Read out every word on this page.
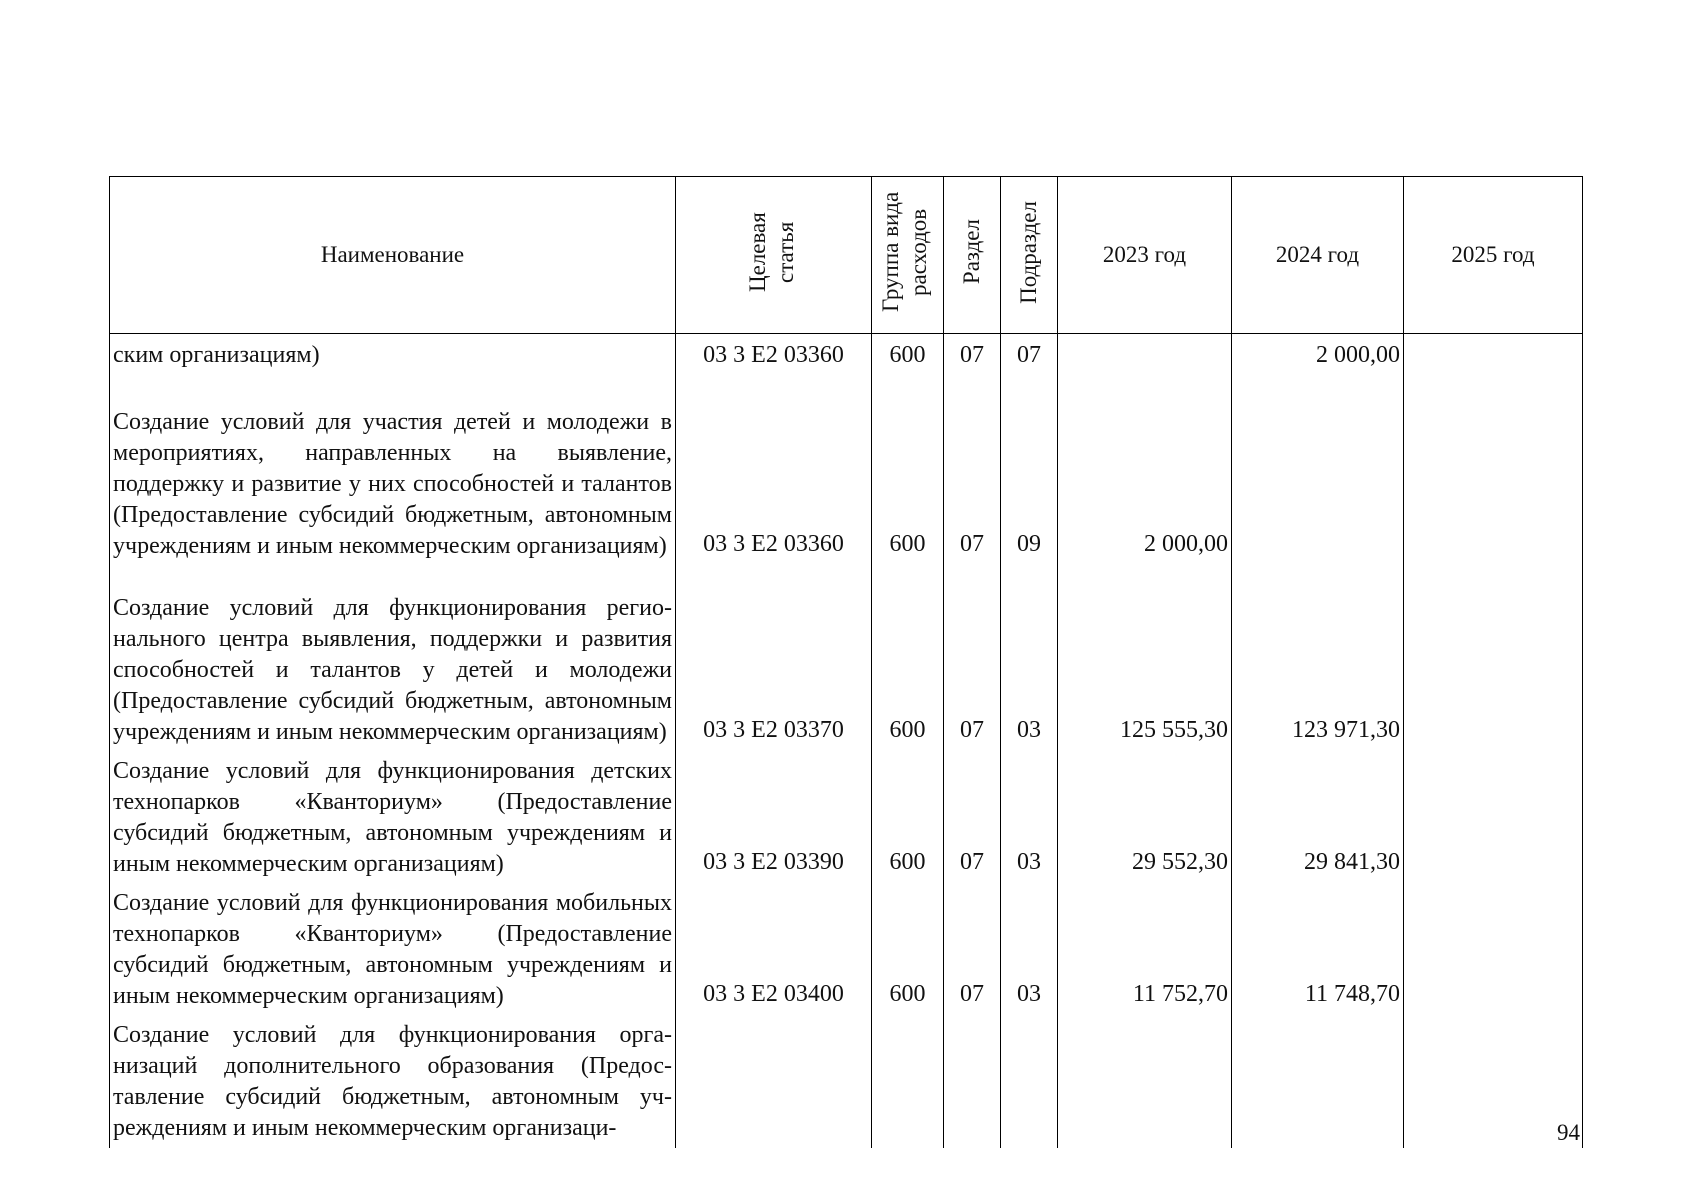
Наименование	Целевая статья	Группа вида расходов	Раздел	Подраздел	2023 год	2024 год	2025 год

ским организациям)	03 3 Е2 03360	600	07	07		2 000,00	

Создание условий для участия детей и молодежи в мероприятиях, направленных на выявление, поддержку и развитие у них способностей и талантов (Предоставление субсидий бюджетным, автономным учреждениям и иным некоммерческим организациям)	03 3 Е2 03360	600	07	09	2 000,00		

Создание условий для функционирования регионального центра выявления, поддержки и развития способностей и талантов у детей и молодежи (Предоставление субсидий бюджетным, автономным учреждениям и иным некоммерческим организациям)	03 3 Е2 03370	600	07	03	125 555,30	123 971,30	

Создание условий для функционирования детских технопарков «Кванториум» (Предоставление субсидий бюджетным, автономным учреждениям и иным некоммерческим организациям)	03 3 Е2 03390	600	07	03	29 552,30	29 841,30	

Создание условий для функционирования мобильных технопарков «Кванториум» (Предоставление субсидий бюджетным, автономным учреждениям и иным некоммерческим организациям)	03 3 Е2 03400	600	07	03	11 752,70	11 748,70	

Создание условий для функционирования организаций дополнительного образования (Предоставление субсидий бюджетным, автономным учреждениям и иным некоммерческим организаци-							
								94
